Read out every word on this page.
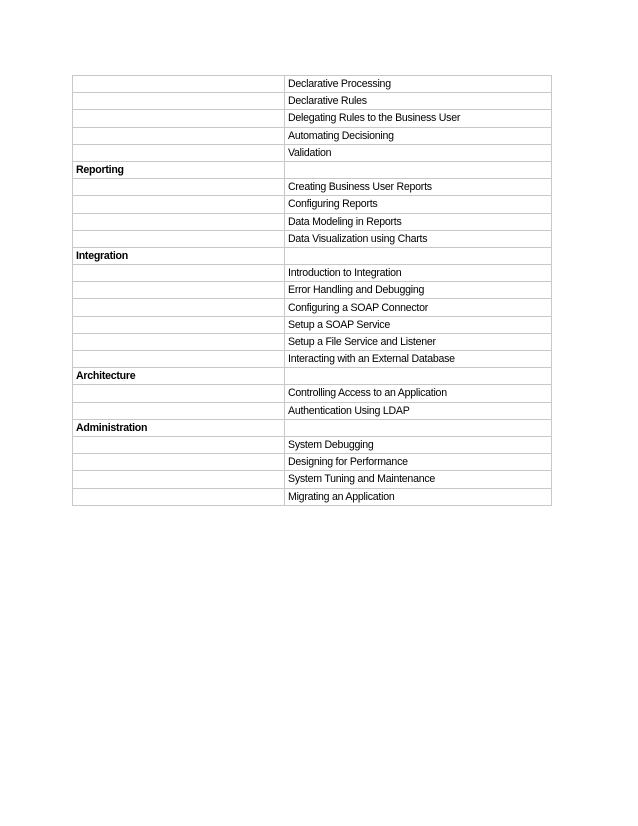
	Declarative Processing
	Declarative Rules
	Delegating Rules to the Business User
	Automating Decisioning
	Validation
Reporting	
	Creating Business User Reports
	Configuring Reports
	Data Modeling in Reports
	Data Visualization using Charts
Integration	
	Introduction to Integration
	Error Handling and Debugging
	Configuring a SOAP Connector
	Setup a SOAP Service
	Setup a File Service and Listener
	Interacting with an External Database
Architecture	
	Controlling Access to an Application
	Authentication Using LDAP
Administration	
	System Debugging
	Designing for Performance
	System Tuning and Maintenance
	Migrating an Application
